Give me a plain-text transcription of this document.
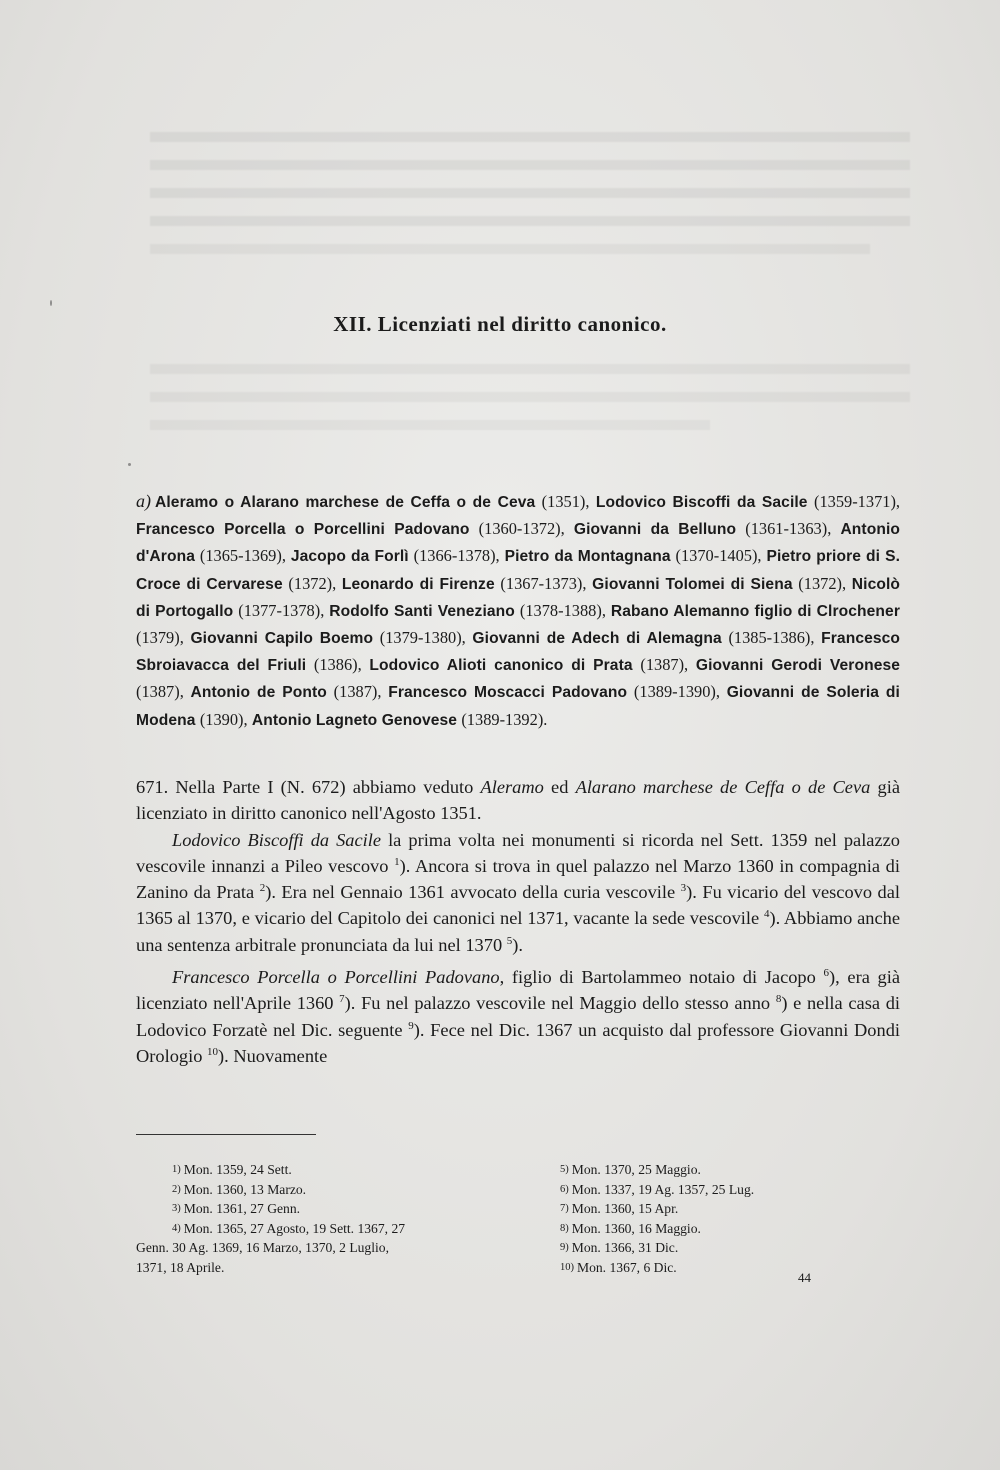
XII. Licenziati nel diritto canonico.
a) Aleramo o Alarano marchese de Ceffa o de Ceva (1351), Lodovico Biscoffi da Sacile (1359-1371), Francesco Porcella o Porcellini Padovano (1360-1372), Giovanni da Belluno (1361-1363), Antonio d'Arona (1365-1369), Jacopo da Forlì (1366-1378), Pietro da Montagnana (1370-1405), Pietro priore di S. Croce di Cervarese (1372), Leonardo di Firenze (1367-1373), Giovanni Tolomei di Siena (1372), Nicolò di Portogallo (1377-1378), Rodolfo Santi Veneziano (1378-1388), Rabano Alemanno figlio di Clrochener (1379), Giovanni Capilo Boemo (1379-1380), Giovanni de Adech di Alemagna (1385-1386), Francesco Sbroiavacca del Friuli (1386), Lodovico Alioti canonico di Prata (1387), Giovanni Gerodi Veronese (1387), Antonio de Ponto (1387), Francesco Moscacci Padovano (1389-1390), Giovanni de Soleria di Modena (1390), Antonio Lagneto Genovese (1389-1392).

671. Nella Parte I (N. 672) abbiamo veduto Aleramo ed Alarano marchese de Ceffa o de Ceva già licenziato in diritto canonico nell'Agosto 1351.

Lodovico Biscoffi da Sacile la prima volta nei monumenti si ricorda nel Sett. 1359 nel palazzo vescovile innanzi a Pileo vescovo $^1$). Ancora si trova in quel palazzo nel Marzo 1360 in compagnia di Zanino da Prata $^2$). Era nel Gennaio 1361 avvocato della curia vescovile $^3$). Fu vicario del vescovo dal 1365 al 1370, e vicario del Capitolo dei canonici nel 1371, vacante la sede vescovile $^4$). Abbiamo anche una sentenza arbitrale pronunciata da lui nel 1370 $^5$).

Francesco Porcella o Porcellini Padovano, figlio di Bartolammeo notaio di Jacopo $^6$), era già licenziato nell'Aprile 1360 $^7$). Fu nel palazzo vescovile nel Maggio dello stesso anno $^8$) e nella casa di Lodovico Forzatè nel Dic. seguente $^9$). Fece nel Dic. 1367 un acquisto dal professore Giovanni Dondi Orologio $^{10}$). Nuovamente

1) Mon. 1359, 24 Sett.
2) Mon. 1360, 13 Marzo.
3) Mon. 1361, 27 Genn.
4) Mon. 1365, 27 Agosto, 19 Sett. 1367, 27
Genn. 30 Ag. 1369, 16 Marzo, 1370, 2 Luglio,
1371, 18 Aprile.
5) Mon. 1370, 25 Maggio.
6) Mon. 1337, 19 Ag. 1357, 25 Lug.
7) Mon. 1360, 15 Apr.
8) Mon. 1360, 16 Maggio.
9) Mon. 1366, 31 Dic.
10) Mon. 1367, 6 Dic.
44
